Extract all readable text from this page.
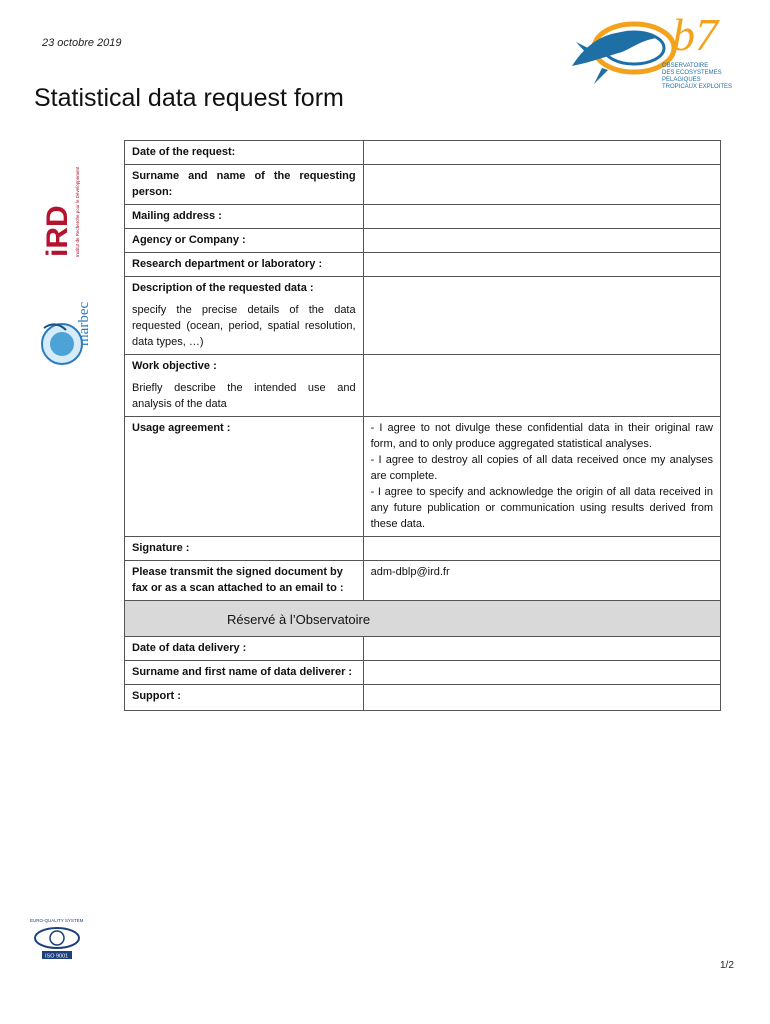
23 octobre 2019
Statistical data request form
b7
OBSERVATOIRE
DES ECOSYSTEMES
PELAGIQUES
TROPICAUX EXPLOITES
iRD Institut de Recherche pour le Développement
marbec
Date of the request:	
Surname and name of the requesting person:	
Mailing address :	
Agency or Company :	
Research department or laboratory :	
Description of the requested data :
specify the precise details of the data requested (ocean, period, spatial resolution, data types, …)	

Work objective :
Briefly describe the intended use and analysis of the data	

Usage agreement :	- I agree to not divulge these confidential data in their original raw form, and to only produce aggregated statistical analyses.
- I agree to destroy all copies of all data received once my analyses are complete.
- I agree to specify and acknowledge the origin of all data received in any future publication or communication using results derived from these data.

Signature :	
Please transmit the signed document by fax or as a scan attached to an email to :	adm-dblp@ird.fr

Réservé à l’Observatoire	

Date of data delivery :	
Surname and first name of data deliverer :	
Support :	
EURO-QUALITY SYSTEM
ISO 9001
1/2
